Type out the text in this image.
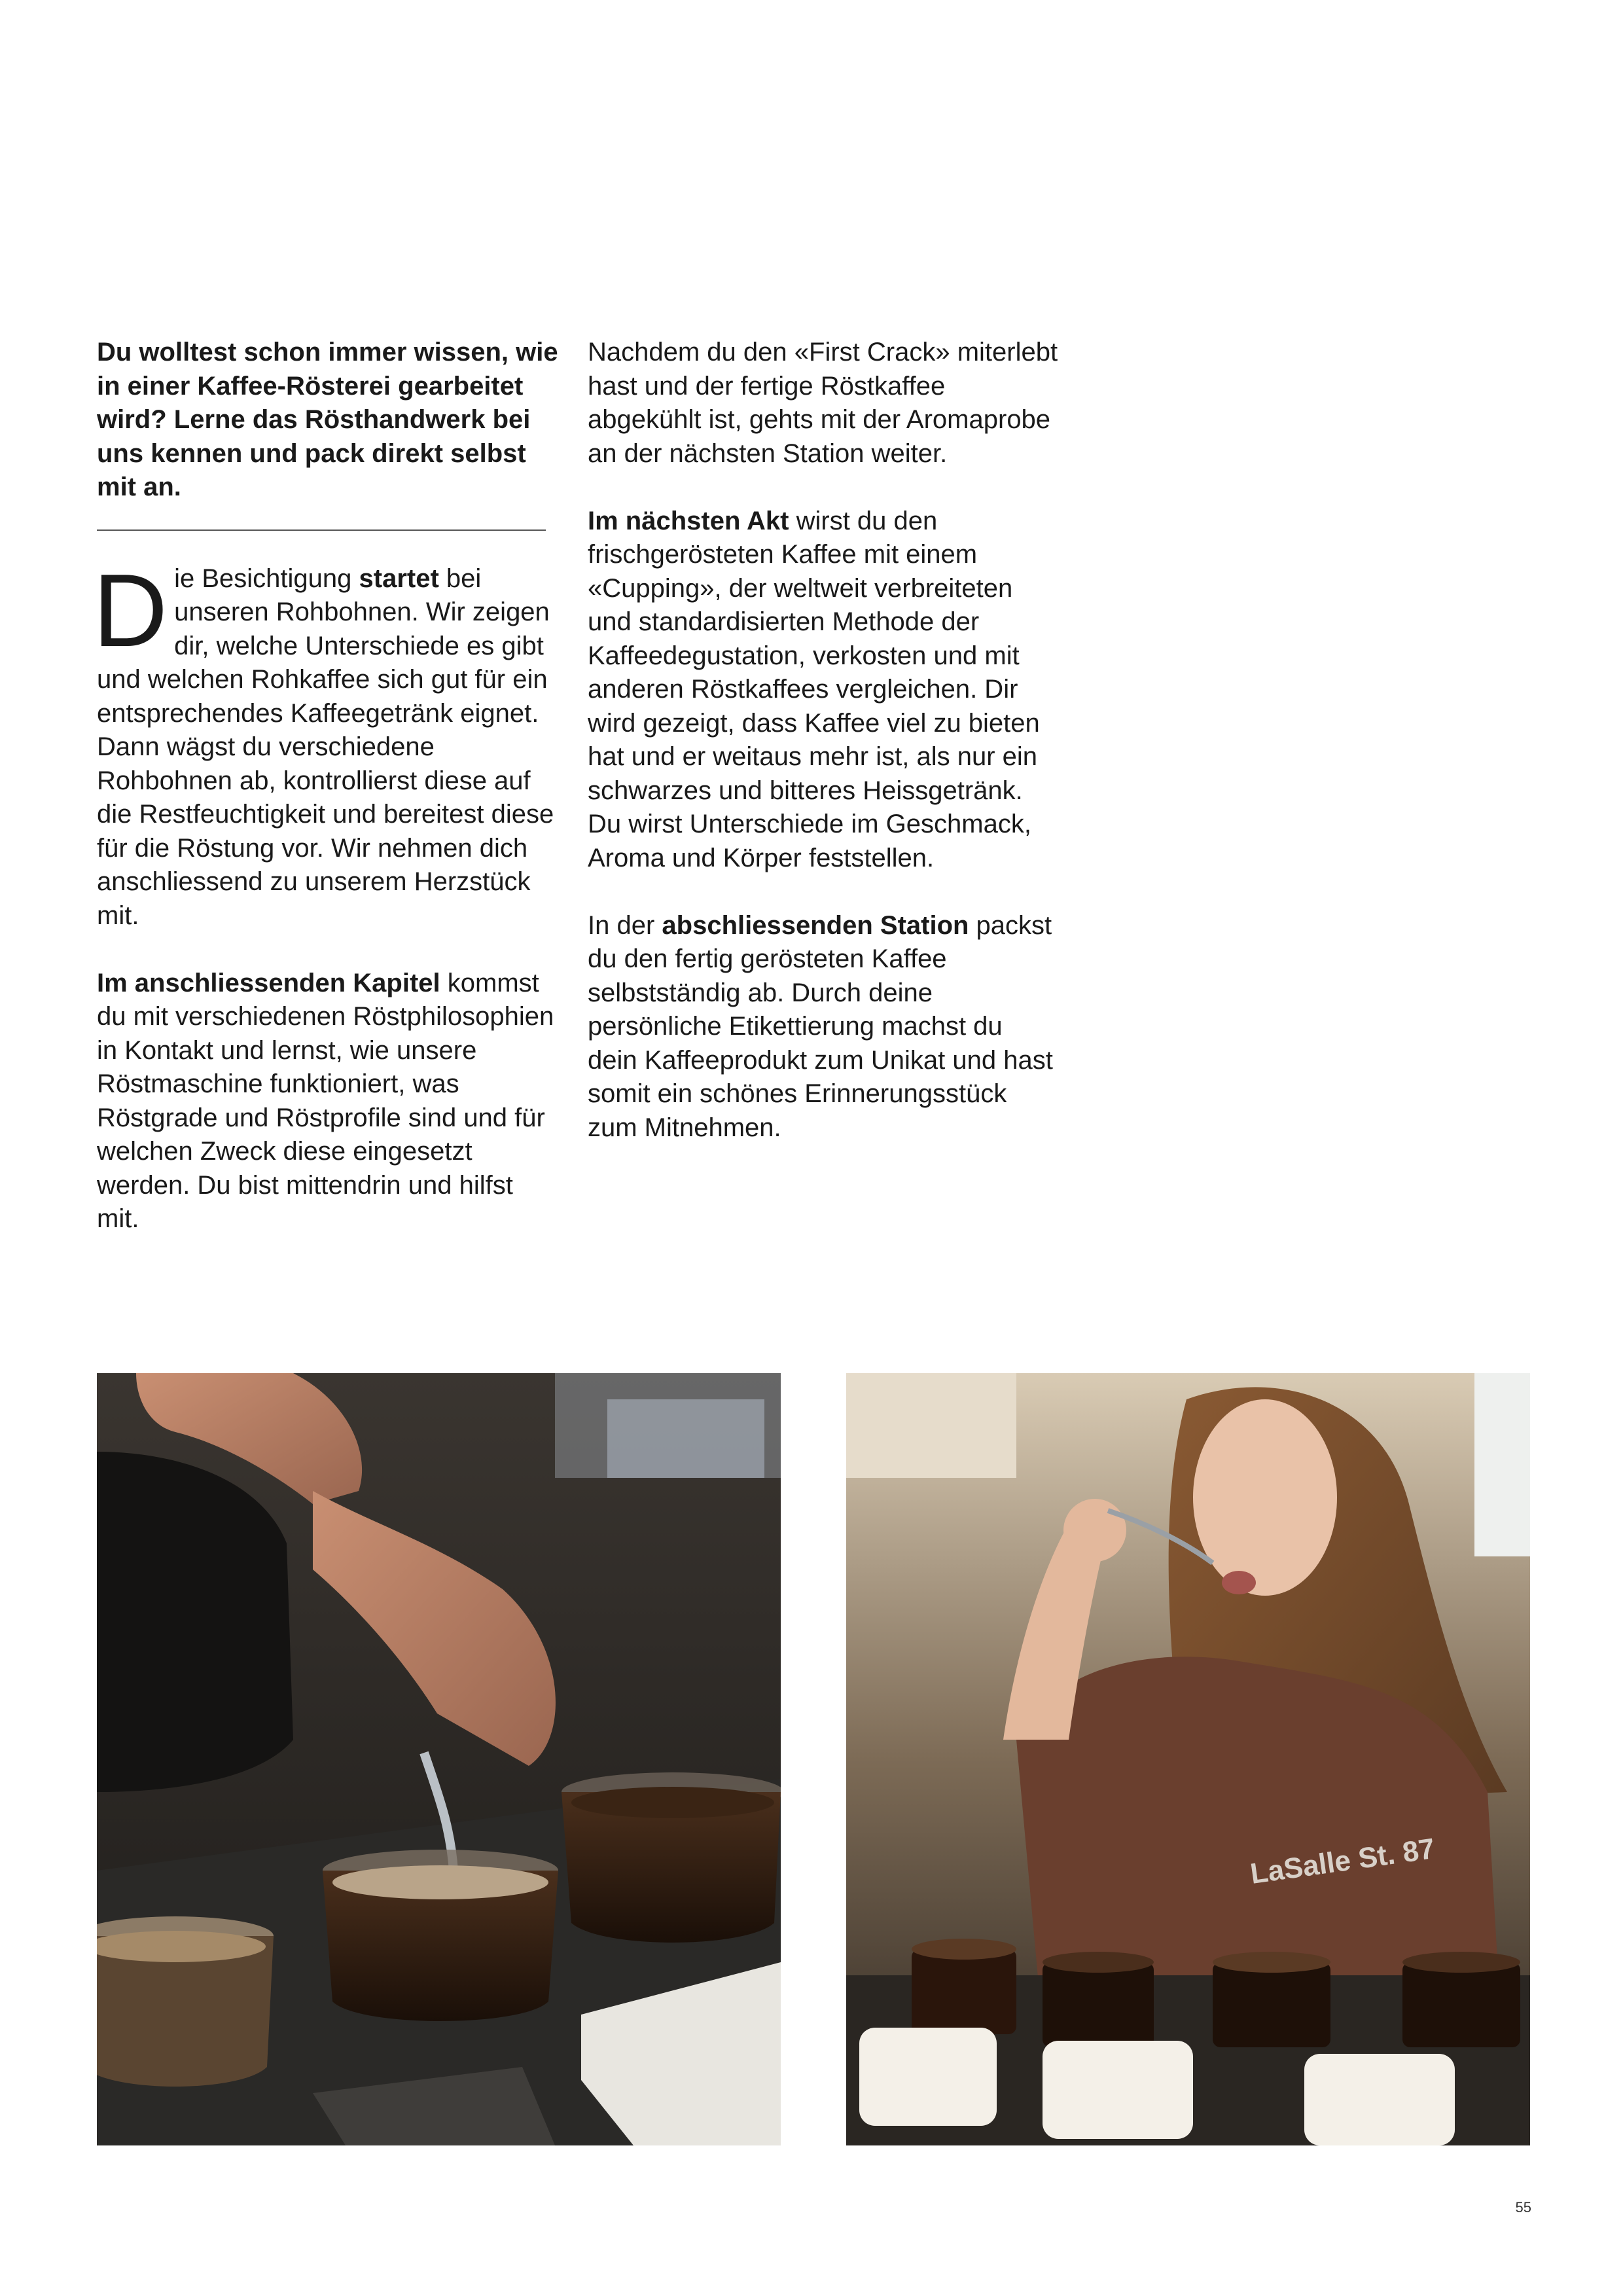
Du wolltest schon immer wissen, wie in einer Kaffee-Rösterei gearbeitet wird? Lerne das Rösthandwerk bei uns kennen und pack direkt selbst mit an.

Die Besichtigung startet bei unseren Rohbohnen. Wir zeigen dir, welche Unterschiede es gibt und welchen Rohkaffee sich gut für ein entsprechendes Kaffeegetränk eignet. Dann wägst du verschiedene Rohbohnen ab, kontrollierst diese auf die Restfeuchtigkeit und bereitest diese für die Röstung vor. Wir nehmen dich anschliessend zu unserem Herzstück mit.

Im anschliessenden Kapitel kommst du mit verschiedenen Röstphilosophien in Kontakt und lernst, wie unsere Röstmaschine funktioniert, was Röstgrade und Röstprofile sind und für welchen Zweck diese eingesetzt werden. Du bist mittendrin und hilfst mit.

Nachdem du den «First Crack» miterlebt hast und der fertige Röstkaffee abgekühlt ist, gehts mit der Aromaprobe an der nächsten Station weiter.

Im nächsten Akt wirst du den frischgerösteten Kaffee mit einem «Cupping», der weltweit verbreiteten und standardisierten Methode der Kaffeedegustation, verkosten und mit anderen Röstkaffees vergleichen. Dir wird gezeigt, dass Kaffee viel zu bieten hat und er weitaus mehr ist, als nur ein schwarzes und bitteres Heissgetränk. Du wirst Unterschiede im Geschmack, Aroma und Körper feststellen.

In der abschliessenden Station packst du den fertig gerösteten Kaffee selbstständig ab. Durch deine persönliche Etikettierung machst du dein Kaffeeprodukt zum Unikat und hast somit ein schönes Erinnerungsstück zum Mitnehmen.

LaSalle St. 87
55
